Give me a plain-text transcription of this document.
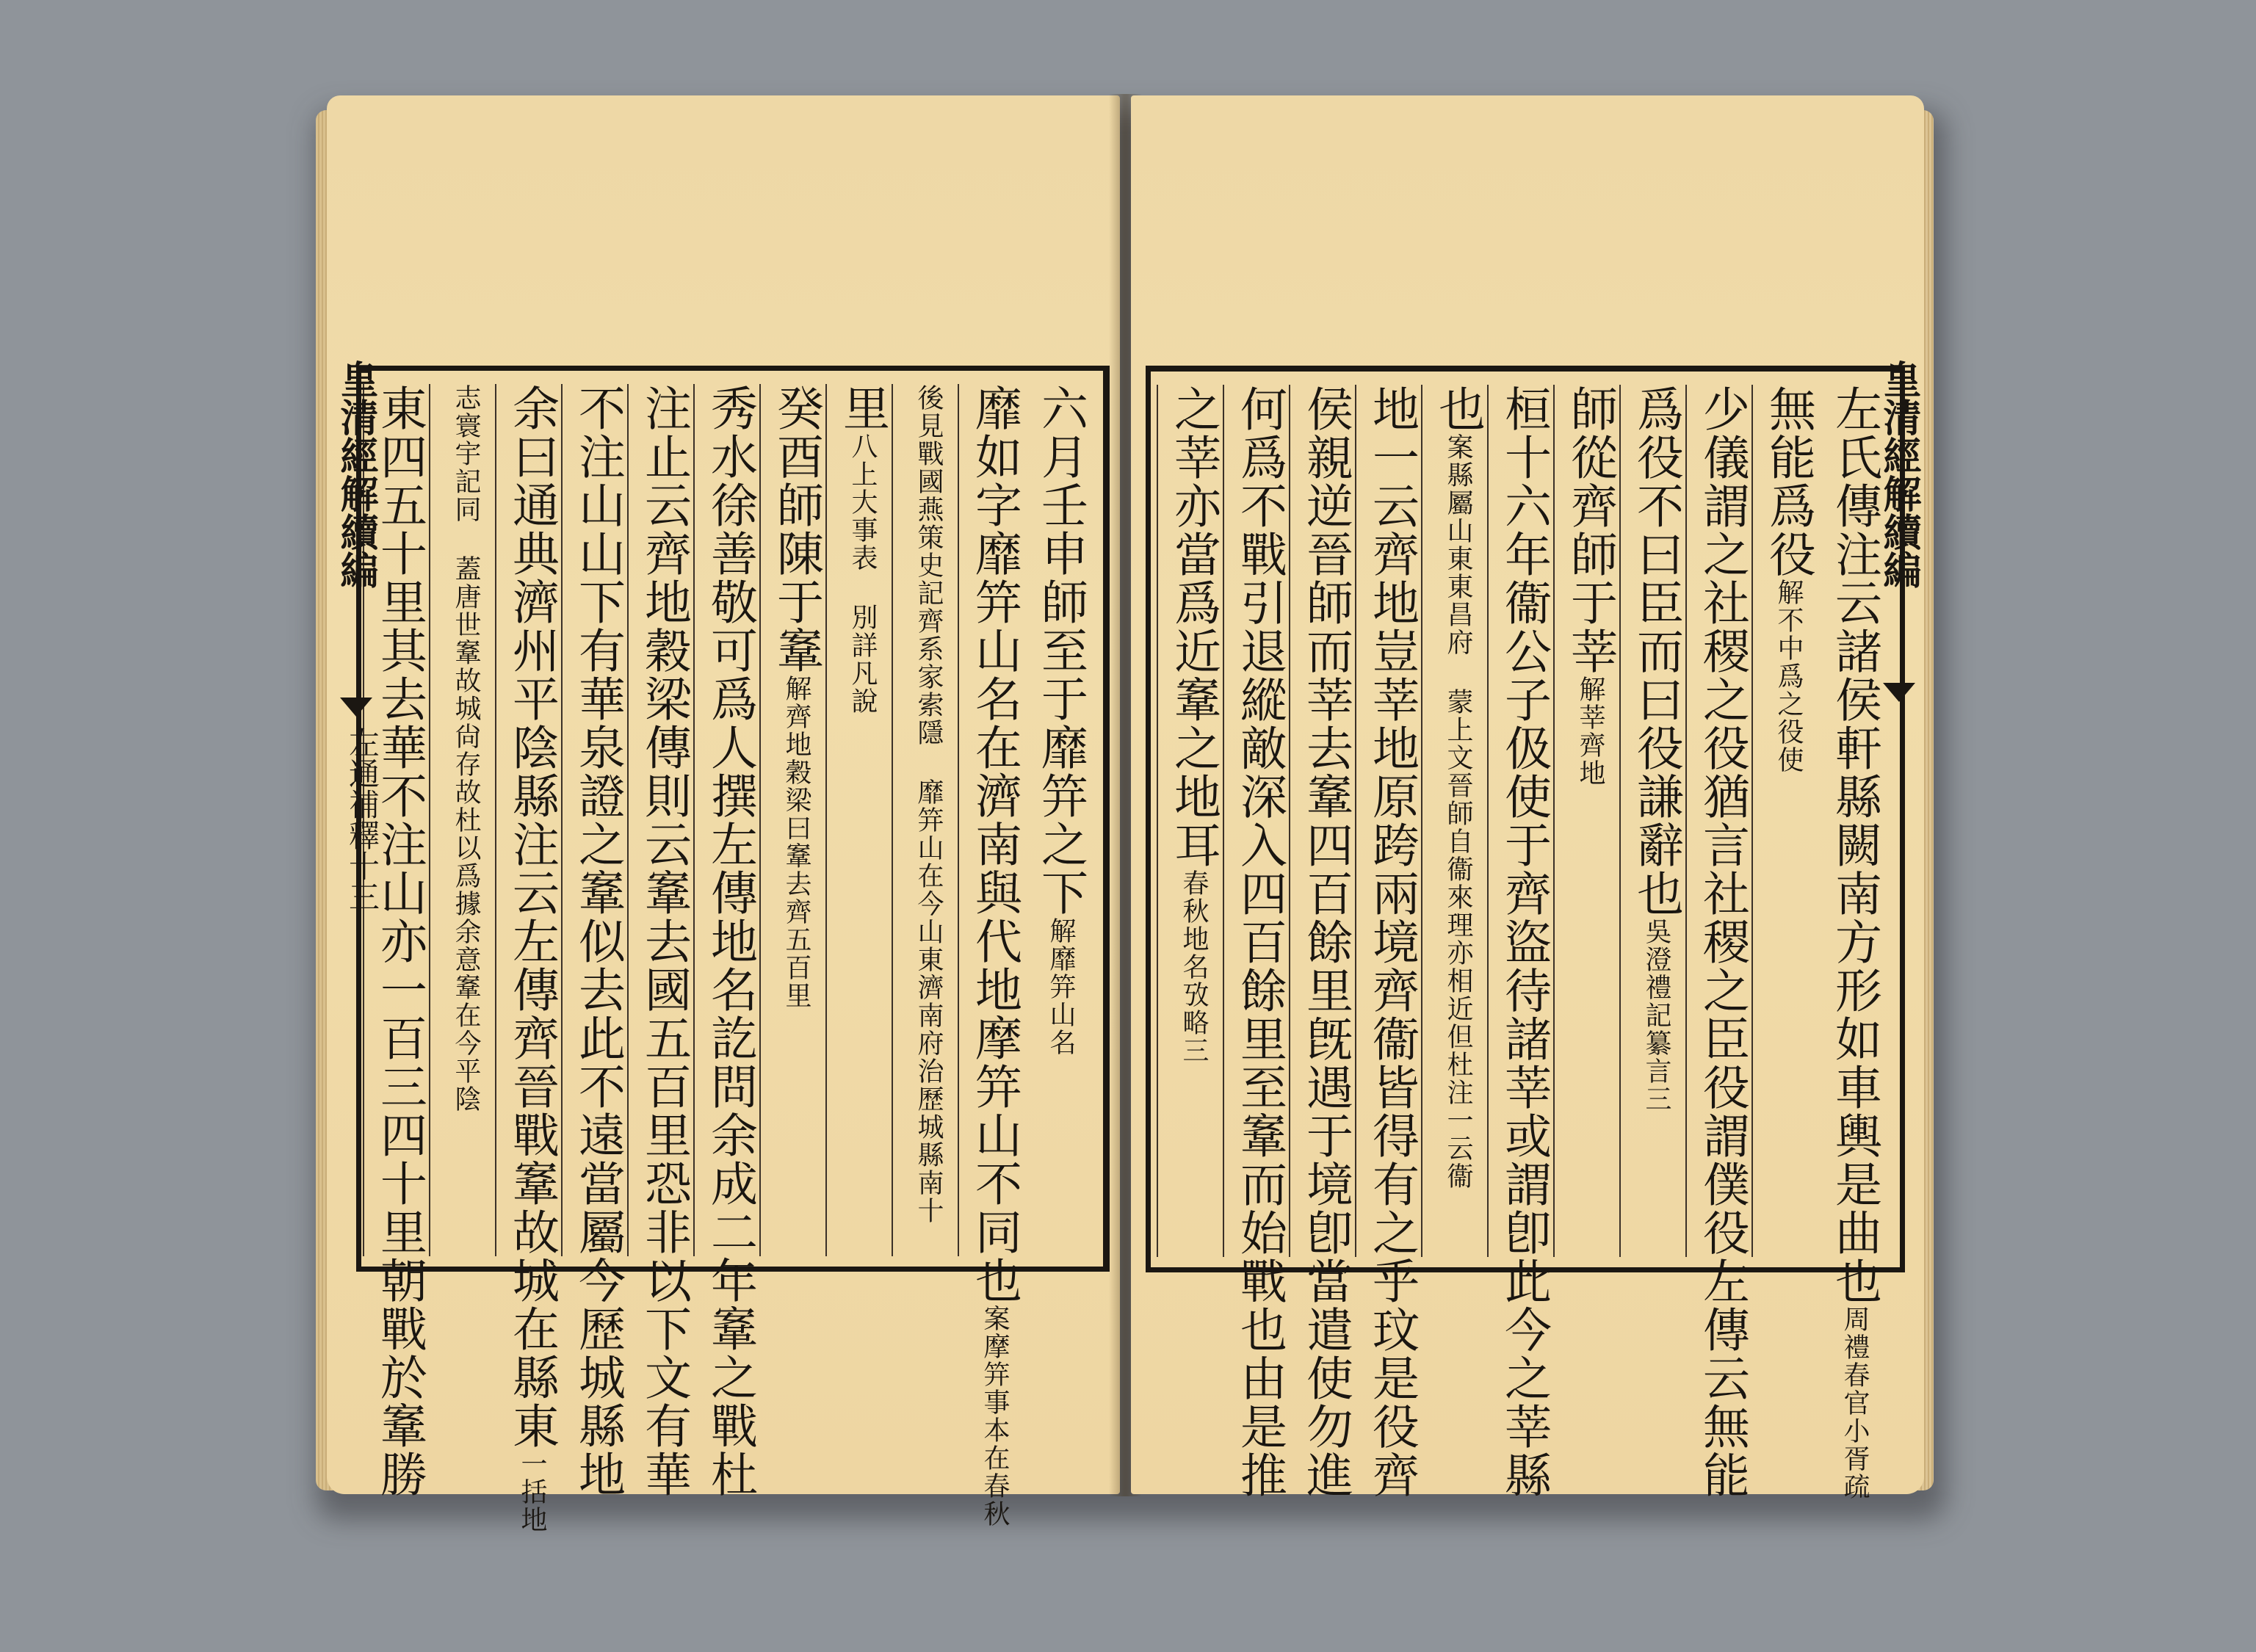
六月壬申師至于靡笄之下解靡笄山名
靡如字靡笄山名在濟南與代地摩笄山不同也案摩笄事本在春秋
後見戰國燕策史記齊系家索隱 靡笄山在今山東濟南府治歷城縣南十
里八上大事表 別詳凡說
癸酉師陳于鞌解齊地穀梁曰鞌去齊五百里
秀水徐善敬可爲人撰左傳地名訖問余成二年鞌之戰杜
注止云齊地穀梁傳則云鞌去國五百里恐非以下文有華
不注山山下有華泉證之鞌似去此不遠當屬今歷城縣地
余曰通典濟州平陰縣注云左傳齊晉戰鞌故城在縣東一括地
志寰宇記同 蓋唐世鞌故城尙存故杜以爲據余意鞌在今平陰
東四五十里其去華不注山亦一百三四十里朝戰於鞌勝
皇清經解續編
左通補釋十三	左氏傳注云諸侯軒縣闕南方形如車輿是曲也周禮春官小胥疏
無能爲役解不中爲之役使
少儀謂之社稷之役猶言社稷之臣役謂僕役左傳云無能
爲役不曰臣而曰役謙辭也吳澄禮記纂言三
師從齊師于莘解莘齊地
桓十六年衞公子伋使于齊盜待諸莘或謂卽此今之莘縣
也案縣屬山東東昌府 蒙上文晉師自衞來理亦相近但杜注一云衞
地一云齊地豈莘地原跨兩境齊衞皆得有之乎玟是役齊
侯親逆晉師而莘去鞌四百餘里旣遇于境卽當遣使勿進
何爲不戰引退縱敵深入四百餘里至鞌而始戰也由是推
之莘亦當爲近鞌之地耳春秋地名攷略三
皇清經解續編
